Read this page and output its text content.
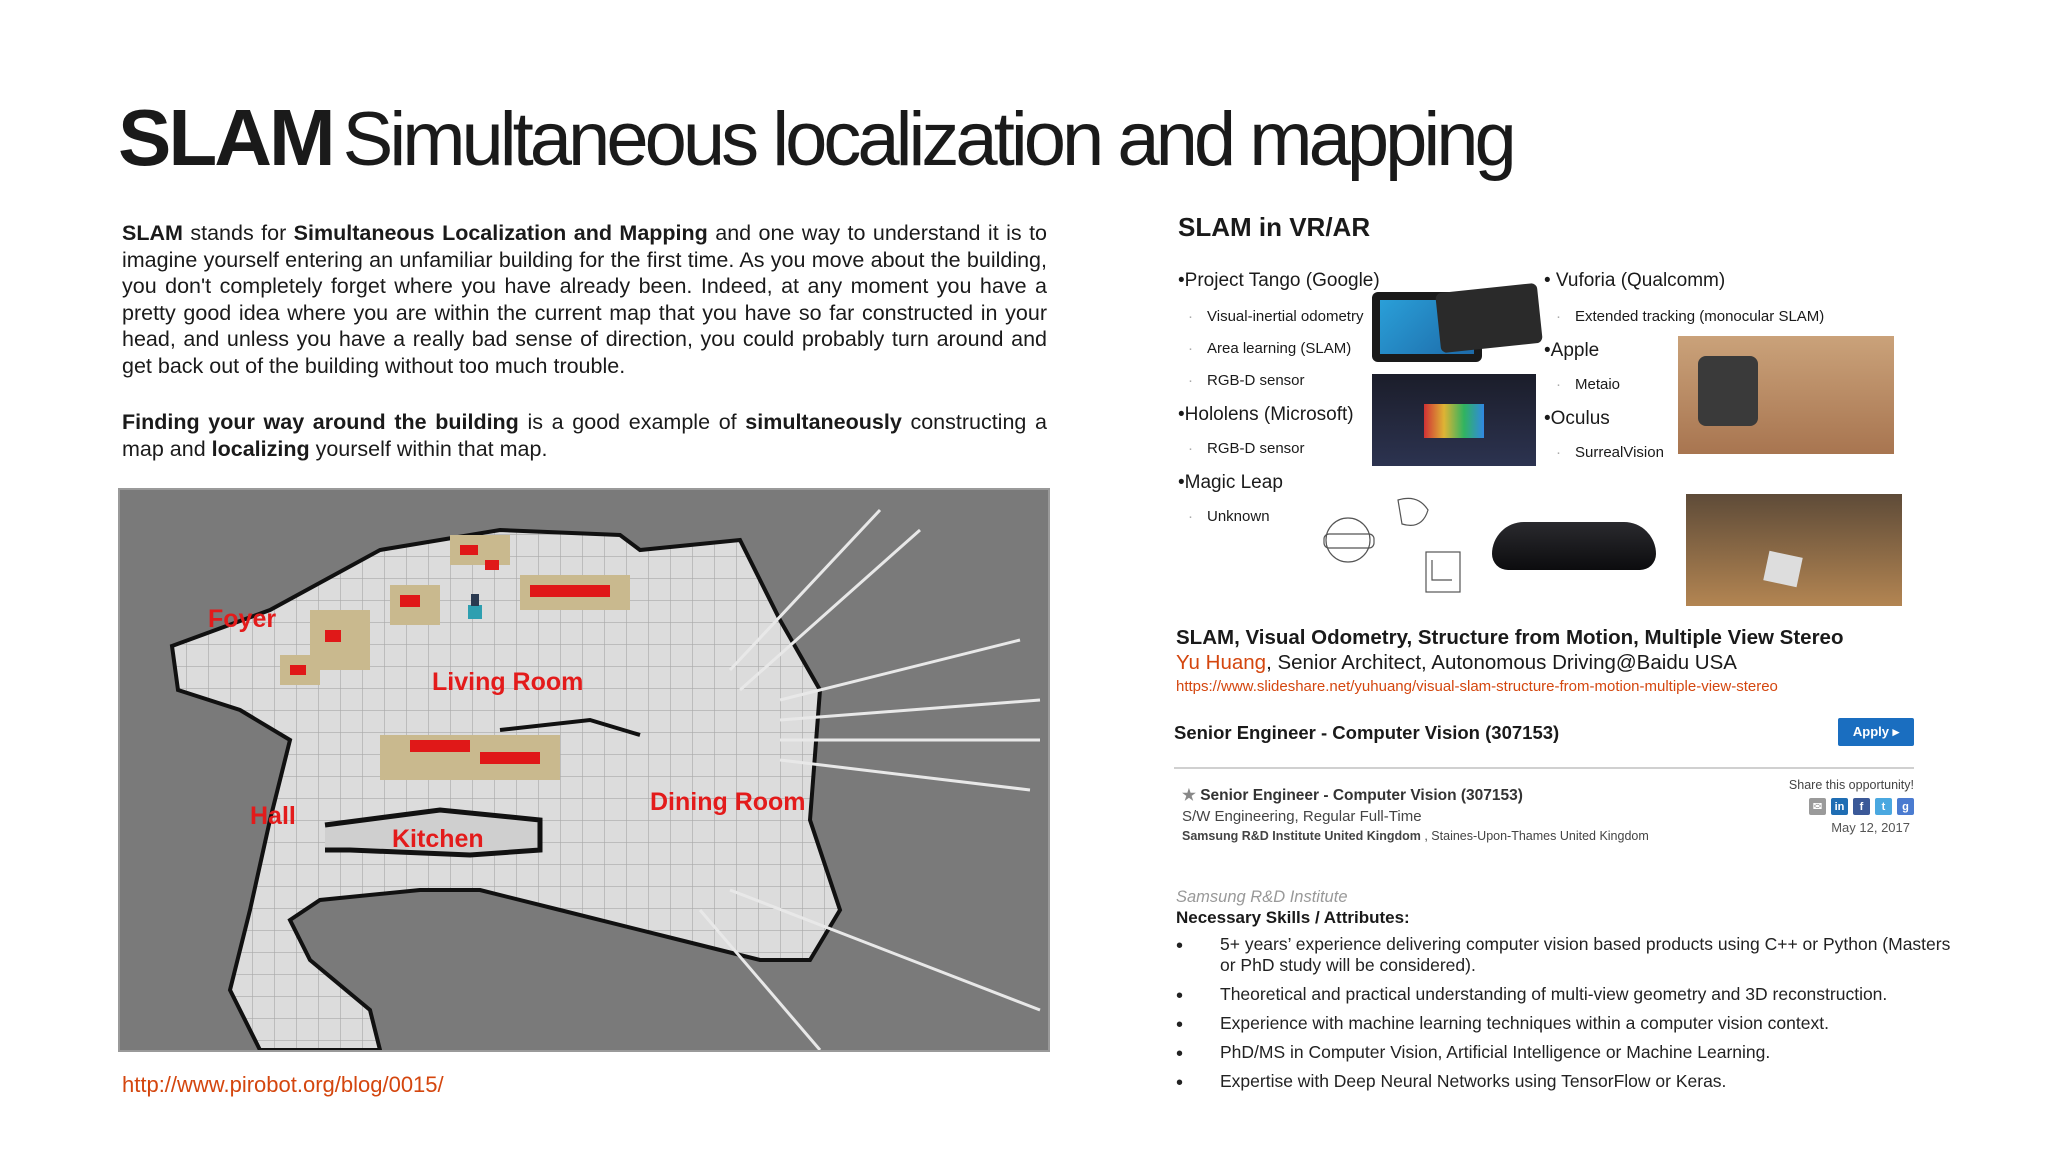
SLAM Simultaneous localization and mapping
SLAM stands for Simultaneous Localization and Mapping and one way to understand it is to imagine yourself entering an unfamiliar building for the first time. As you move about the building, you don't completely forget where you have already been. Indeed, at any moment you have a pretty good idea where you are within the current map that you have so far constructed in your head, and unless you have a really bad sense of direction, you could probably turn around and get back out of the building without too much trouble.
Finding your way around the building is a good example of simultaneously constructing a map and localizing yourself within that map.
Foyer
Living Room
Hall
Kitchen
Dining Room
http://www.pirobot.org/blog/0015/
SLAM in VR/AR
•Project Tango (Google)
· Visual-inertial odometry
· Area learning (SLAM)
· RGB-D sensor
•Hololens (Microsoft)
· RGB-D sensor
•Magic Leap
· Unknown
• Vuforia (Qualcomm)
· Extended tracking (monocular SLAM)
•Apple
· Metaio
•Oculus
· SurrealVision
SLAM, Visual Odometry, Structure from Motion, Multiple View Stereo
Yu Huang, Senior Architect, Autonomous Driving@Baidu USA
https://www.slideshare.net/yuhuang/visual-slam-structure-from-motion-multiple-view-stereo
Senior Engineer - Computer Vision (307153)	Apply ▸
★ Senior Engineer - Computer Vision (307153)
S/W Engineering, Regular Full-Time
Samsung R&D Institute United Kingdom , Staines-Upon-Thames United Kingdom
Share this opportunity!
✉	in	f	t	g
May 12, 2017
Samsung R&D Institute
Necessary Skills / Attributes:
• 5+ years’ experience delivering computer vision based products using C++ or Python (Masters or PhD study will be considered).
• Theoretical and practical understanding of multi-view geometry and 3D reconstruction.
• Experience with machine learning techniques within a computer vision context.
• PhD/MS in Computer Vision, Artificial Intelligence or Machine Learning.
• Expertise with Deep Neural Networks using TensorFlow or Keras.
